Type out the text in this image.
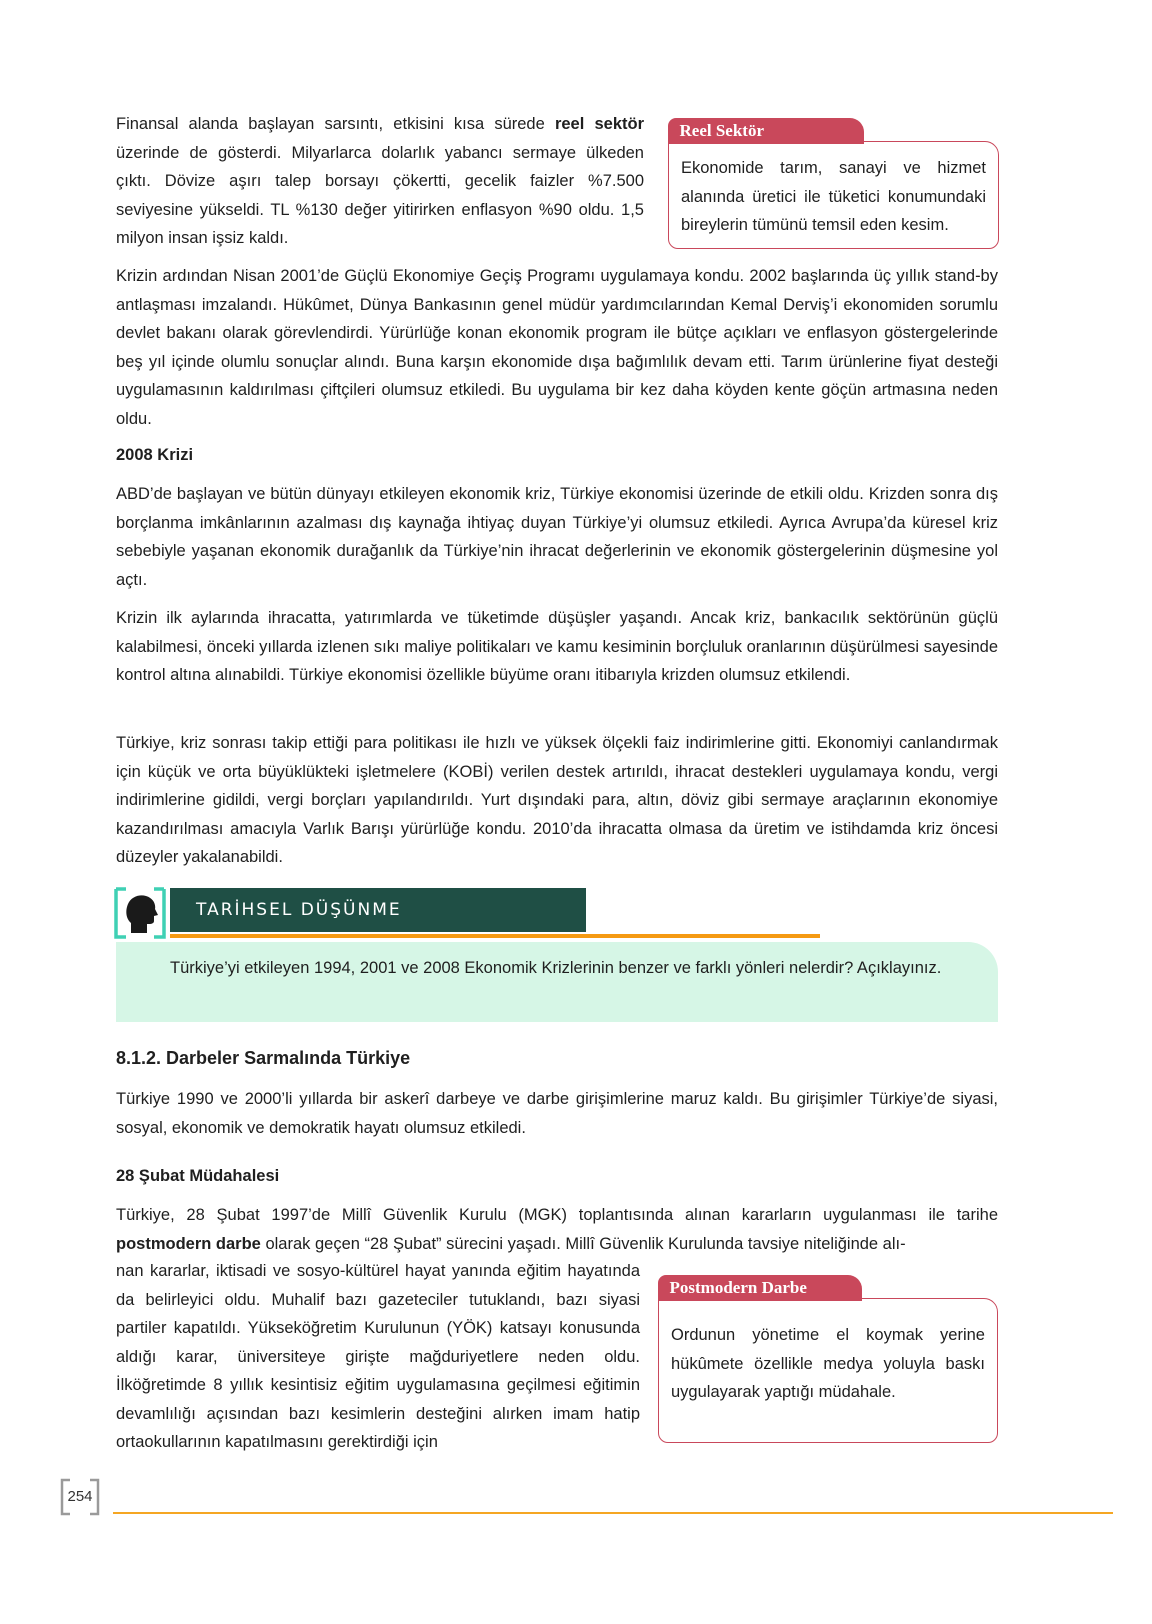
Finansal alanda başlayan sarsıntı, etkisini kısa sürede reel sektör üzerinde de gösterdi. Milyarlarca dolarlık yabancı sermaye ülkeden çıktı. Dövize aşırı talep borsayı çökertti, gecelik faizler %7.500 seviyesine yükseldi. TL %130 değer yitirirken enflasyon %90 oldu. 1,5 milyon insan işsiz kaldı.

Reel Sektör

Ekonomide tarım, sanayi ve hizmet alanında üretici ile tüketici konumundaki bireylerin tümünü temsil eden kesim.

Krizin ardından Nisan 2001’de Güçlü Ekonomiye Geçiş Programı uygulamaya kondu. 2002 başlarında üç yıllık stand-by antlaşması imzalandı. Hükûmet, Dünya Bankasının genel müdür yardımcılarından Kemal Derviş’i ekonomiden sorumlu devlet bakanı olarak görevlendirdi. Yürürlüğe konan ekonomik program ile bütçe açıkları ve enflasyon göstergelerinde beş yıl içinde olumlu sonuçlar alındı. Buna karşın ekonomide dışa bağımlılık devam etti. Tarım ürünlerine fiyat desteği uygulamasının kaldırılması çiftçileri olumsuz etkiledi. Bu uygulama bir kez daha köyden kente göçün artmasına neden oldu.

2008 Krizi

ABD’de başlayan ve bütün dünyayı etkileyen ekonomik kriz, Türkiye ekonomisi üzerinde de etkili oldu. Krizden sonra dış borçlanma imkânlarının azalması dış kaynağa ihtiyaç duyan Türkiye’yi olumsuz etkiledi. Ayrıca Avrupa’da küresel kriz sebebiyle yaşanan ekonomik durağanlık da Türkiye’nin ihracat değerlerinin ve ekonomik göstergelerinin düşmesine yol açtı.

Krizin ilk aylarında ihracatta, yatırımlarda ve tüketimde düşüşler yaşandı. Ancak kriz, bankacılık sektörünün güçlü kalabilmesi, önceki yıllarda izlenen sıkı maliye politikaları ve kamu kesiminin borçluluk oranlarının düşürülmesi sayesinde kontrol altına alınabildi. Türkiye ekonomisi özellikle büyüme oranı itibarıyla krizden olumsuz etkilendi.

Türkiye, kriz sonrası takip ettiği para politikası ile hızlı ve yüksek ölçekli faiz indirimlerine gitti. Ekonomiyi canlandırmak için küçük ve orta büyüklükteki işletmelere (KOBİ) verilen destek artırıldı, ihracat destekleri uygulamaya kondu, vergi indirimlerine gidildi, vergi borçları yapılandırıldı. Yurt dışındaki para, altın, döviz gibi sermaye araçlarının ekonomiye kazandırılması amacıyla Varlık Barışı yürürlüğe kondu. 2010’da ihracatta olmasa da üretim ve istihdamda kriz öncesi düzeyler yakalanabildi.

TARİHSEL DÜŞÜNME

Türkiye’yi etkileyen 1994, 2001 ve 2008 Ekonomik Krizlerinin benzer ve farklı yönleri nelerdir? Açıklayınız.

8.1.2. Darbeler Sarmalında Türkiye

Türkiye 1990 ve 2000’li yıllarda bir askerî darbeye ve darbe girişimlerine maruz kaldı. Bu girişimler Türkiye’de siyasi, sosyal, ekonomik ve demokratik hayatı olumsuz etkiledi.

28 Şubat Müdahalesi

Türkiye, 28 Şubat 1997’de Millî Güvenlik Kurulu (MGK) toplantısında alınan kararların uygulanması ile tarihe postmodern darbe olarak geçen “28 Şubat” sürecini yaşadı. Millî Güvenlik Kurulunda tavsiye niteliğinde alı-

nan kararlar, iktisadi ve sosyo-kültürel hayat yanında eğitim hayatında da belirleyici oldu. Muhalif bazı gazeteciler tutuklandı, bazı siyasi partiler kapatıldı. Yükseköğretim Kurulunun (YÖK) katsayı konusunda aldığı karar, üniversiteye girişte mağduriyetlere neden oldu. İlköğretimde 8 yıllık kesintisiz eğitim uygulamasına geçilmesi eğitimin devamlılığı açısından bazı kesimlerin desteğini alırken imam hatip ortaokullarının kapatılmasını gerektirdiği için

Postmodern Darbe

Ordunun yönetime el koymak yerine hükûmete özellikle medya yoluyla baskı uygulayarak yaptığı müdahale.

254
